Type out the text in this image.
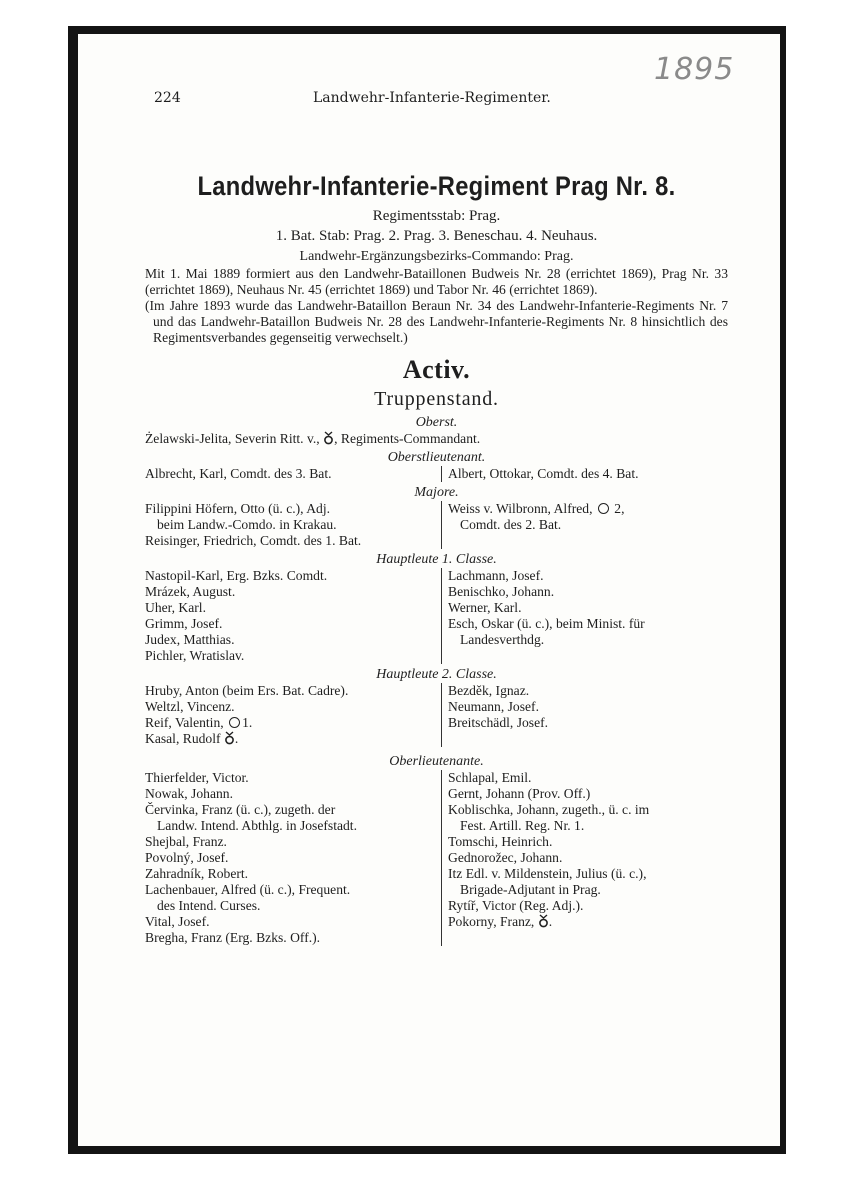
1895
224	Landwehr-Infanterie-Regimenter.
Landwehr-Infanterie-Regiment Prag Nr. 8.
Regimentsstab: Prag.
1. Bat. Stab: Prag. 2. Prag. 3. Beneschau. 4. Neuhaus.
Landwehr-Ergänzungsbezirks-Commando: Prag.

Mit 1. Mai 1889 formiert aus den Landwehr-Bataillonen Budweis Nr. 28 (errichtet 1869), Prag Nr. 33 (errichtet 1869), Neuhaus Nr. 45 (errichtet 1869) und Tabor Nr. 46 (errichtet 1869).

(Im Jahre 1893 wurde das Landwehr-Bataillon Beraun Nr. 34 des Landwehr-Infanterie-Regiments Nr. 7 und das Landwehr-Bataillon Budweis Nr. 28 des Landwehr-Infanterie-Regiments Nr. 8 hinsichtlich des Regimentsverbandes gegenseitig verwechselt.)

Activ.
Truppenstand.
Oberst.
Żelawski-Jelita, Severin Ritt. v., , Regiments-Commandant.
Oberstlieutenant.
Albrecht, Karl, Comdt. des 3. Bat.	Albert, Ottokar, Comdt. des 4. Bat.
Majore.
Filippini Höfern, Otto (ü. c.), Adj.
beim Landw.-Comdo. in Krakau.
Reisinger, Friedrich, Comdt. des 1. Bat.
Weiss v. Wilbronn, Alfred, 2,
Comdt. des 2. Bat.
Hauptleute 1. Classe.
Nastopil-Karl, Erg. Bzks. Comdt.
Mrázek, August.
Uher, Karl.
Grimm, Josef.
Judex, Matthias.
Pichler, Wratislav.
Lachmann, Josef.
Benischko, Johann.
Werner, Karl.
Esch, Oskar (ü. c.), beim Minist. für
Landesverthdg.
Hauptleute 2. Classe.
Hruby, Anton (beim Ers. Bat. Cadre).
Weltzl, Vincenz.
Reif, Valentin, 1.
Kasal, Rudolf .
Bezděk, Ignaz.
Neumann, Josef.
Breitschädl, Josef.
Oberlieutenante.
Thierfelder, Victor.
Nowak, Johann.
Červinka, Franz (ü. c.), zugeth. der
Landw. Intend. Abthlg. in Josefstadt.
Shejbal, Franz.
Povolný, Josef.
Zahradník, Robert.
Lachenbauer, Alfred (ü. c.), Frequent.
des Intend. Curses.
Vital, Josef.
Bregha, Franz (Erg. Bzks. Off.).
Schlapal, Emil.
Gernt, Johann (Prov. Off.)
Koblischka, Johann, zugeth., ü. c. im
Fest. Artill. Reg. Nr. 1.
Tomschi, Heinrich.
Gednorožec, Johann.
Itz Edl. v. Mildenstein, Julius (ü. c.),
Brigade-Adjutant in Prag.
Rytíř, Victor (Reg. Adj.).
Pokorny, Franz, .
